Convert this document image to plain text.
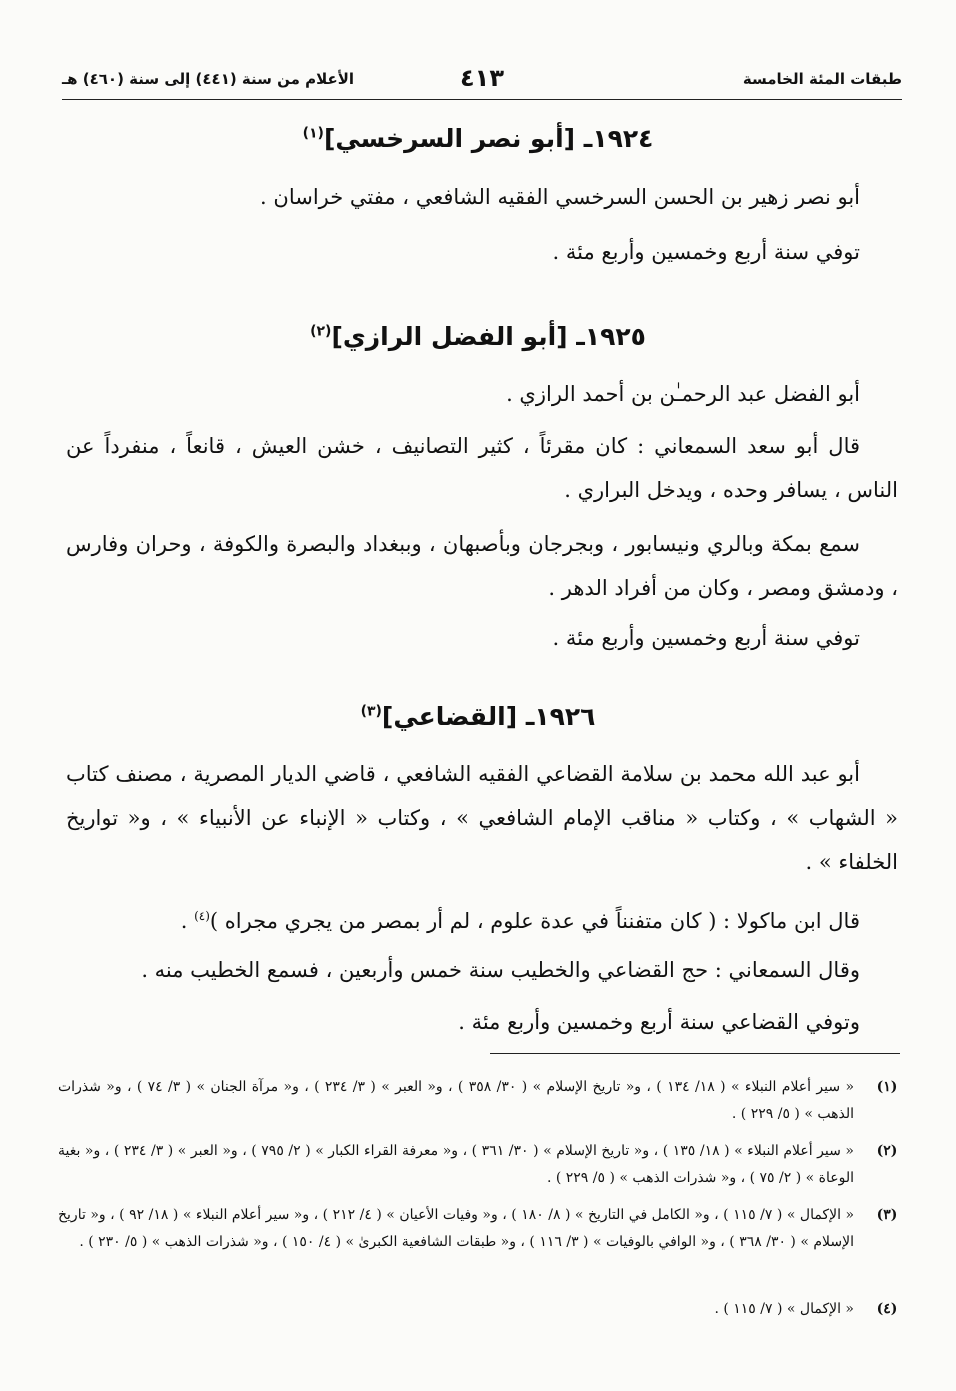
طبقات المئة الخامسة
٤١٣
الأعلام من سنة (٤٤١) إلى سنة (٤٦٠) هـ
١٩٢٤ـ [أبو نصر السرخسي]$^{(١)}$
أبو نصر زهير بن الحسن السرخسي الفقيه الشافعي ، مفتي خراسان .
توفي سنة أربع وخمسين وأربع مئة .
١٩٢٥ـ [أبو الفضل الرازي]$^{(٢)}$
أبو الفضل عبد الرحمـٰن بن أحمد الرازي .
قال أبو سعد السمعاني : كان مقرئاً ، كثير التصانيف ، خشن العيش ، قانعاً ، منفرداً عن الناس ، يسافر وحده ، ويدخل البراري .
سمع بمكة وبالري ونيسابور ، وبجرجان وبأصبهان ، وببغداد والبصرة والكوفة ، وحران وفارس ، ودمشق ومصر ، وكان من أفراد الدهر .
توفي سنة أربع وخمسين وأربع مئة .
١٩٢٦ـ [القضاعي]$^{(٣)}$
أبو عبد الله محمد بن سلامة القضاعي الفقيه الشافعي ، قاضي الديار المصرية ، مصنف كتاب « الشهاب » ، وكتاب « مناقب الإمام الشافعي » ، وكتاب « الإنباء عن الأنبياء » ، و« تواريخ الخلفاء » .
قال ابن ماكولا : ( كان متفنناً في عدة علوم ، لم أر بمصر من يجري مجراه )$^{(٤)}$ .
وقال السمعاني : حج القضاعي والخطيب سنة خمس وأربعين ، فسمع الخطيب منه .
وتوفي القضاعي سنة أربع وخمسين وأربع مئة .
(١)
« سير أعلام النبلاء » ( ١٨/ ١٣٤ ) ، و« تاريخ الإسلام » ( ٣٠/ ٣٥٨ ) ، و« العبر » ( ٣/ ٢٣٤ ) ، و« مرآة الجنان » ( ٣/ ٧٤ ) ، و« شذرات الذهب » ( ٥/ ٢٢٩ ) .
(٢)
« سير أعلام النبلاء » ( ١٨/ ١٣٥ ) ، و« تاريخ الإسلام » ( ٣٠/ ٣٦١ ) ، و« معرفة القراء الكبار » ( ٢/ ٧٩٥ ) ، و« العبر » ( ٣/ ٢٣٤ ) ، و« بغية الوعاة » ( ٢/ ٧٥ ) ، و« شذرات الذهب » ( ٥/ ٢٢٩ ) .
(٣)
« الإكمال » ( ٧/ ١١٥ ) ، و« الكامل في التاريخ » ( ٨/ ١٨٠ ) ، و« وفيات الأعيان » ( ٤/ ٢١٢ ) ، و« سير أعلام النبلاء » ( ١٨/ ٩٢ ) ، و« تاريخ الإسلام » ( ٣٠/ ٣٦٨ ) ، و« الوافي بالوفيات » ( ٣/ ١١٦ ) ، و« طبقات الشافعية الكبرىٰ » ( ٤/ ١٥٠ ) ، و« شذرات الذهب » ( ٥/ ٢٣٠ ) .
(٤)
« الإكمال » ( ٧/ ١١٥ ) .
